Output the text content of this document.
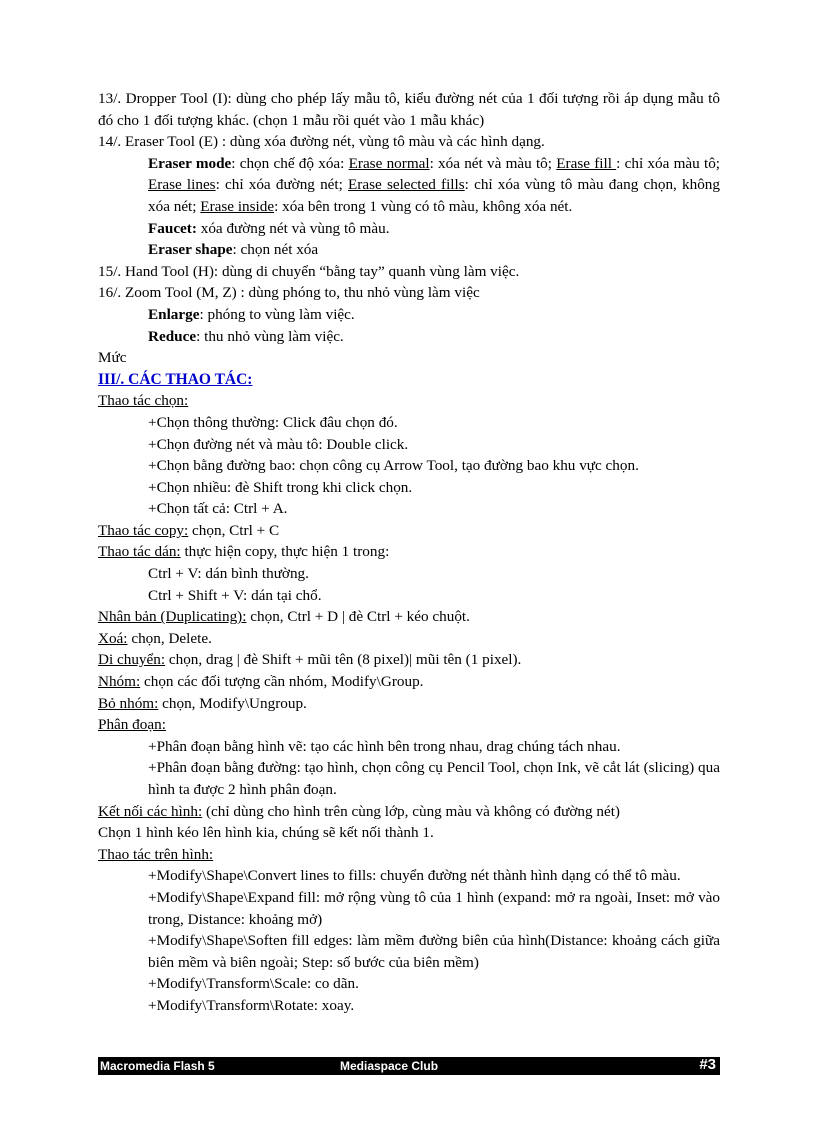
13/. Dropper Tool (I): dùng cho phép lấy mẫu tô, kiểu đường nét của 1 đối tượng rồi áp dụng mẫu tô đó cho 1 đối tượng khác. (chọn 1 mẫu rồi quét vào 1 mẫu khác)
14/. Eraser Tool (E) : dùng xóa đường nét, vùng tô màu và các hình dạng.
Eraser mode: chọn chế độ xóa: Erase normal: xóa nét và màu tô; Erase fill : chỉ xóa màu tô; Erase lines: chỉ xóa đường nét; Erase selected fills: chỉ xóa vùng tô màu đang chọn, không xóa nét; Erase inside: xóa bên trong 1 vùng có tô màu, không xóa nét.
Faucet: xóa đường nét và vùng tô màu.
Eraser shape: chọn nét xóa
15/. Hand Tool (H): dùng di chuyển “bằng tay” quanh vùng làm việc.
16/. Zoom Tool (M, Z) : dùng phóng to, thu nhỏ vùng làm việc
Enlarge: phóng to vùng làm việc.
Reduce: thu nhỏ vùng làm việc.
Mức
III/. CÁC THAO TÁC:
Thao tác chọn:
+Chọn thông thường: Click đâu chọn đó.
+Chọn đường nét và màu tô: Double click.
+Chọn bằng đường bao: chọn công cụ Arrow Tool, tạo đường bao khu vực chọn.
+Chọn nhiều: đè Shift trong khi click chọn.
+Chọn tất cả: Ctrl + A.
Thao tác copy: chọn, Ctrl + C
Thao tác dán: thực hiện copy, thực hiện 1 trong:
Ctrl + V: dán bình thường.
Ctrl + Shift + V: dán tại chổ.
Nhân bản (Duplicating): chọn, Ctrl + D | đè Ctrl + kéo chuột.
Xoá: chọn, Delete.
Di chuyển: chọn, drag | đè Shift + mũi tên (8 pixel)| mũi tên (1 pixel).
Nhóm: chọn các đối tượng cần nhóm, Modify\Group.
Bỏ nhóm: chọn, Modify\Ungroup.
Phân đoạn:
+Phân đoạn bằng hình vẽ: tạo các hình bên trong nhau, drag chúng tách nhau.
+Phân đoạn bằng đường: tạo hình, chọn công cụ Pencil Tool, chọn Ink, vẽ cắt lát (slicing) qua hình ta được 2 hình phân đoạn.
Kết nối các hình: (chỉ dùng cho hình trên cùng lớp, cùng màu và không có đường nét)
Chọn 1 hình kéo lên hình kia, chúng sẽ kết nối thành 1.
Thao tác trên hình:
+Modify\Shape\Convert lines to fills: chuyển đường nét thành hình dạng có thể tô màu.
+Modify\Shape\Expand fill: mở rộng vùng tô của 1 hình (expand: mở ra ngoài, Inset: mở vào trong, Distance: khoảng mở)
+Modify\Shape\Soften fill edges: làm mềm đường biên của hình(Distance: khoảng cách giữa biên mềm và biên ngoài; Step: số bước của biên mềm)
+Modify\Transform\Scale: co dãn.
+Modify\Transform\Rotate: xoay.
Macromedia Flash 5	Mediaspace Club	#3
